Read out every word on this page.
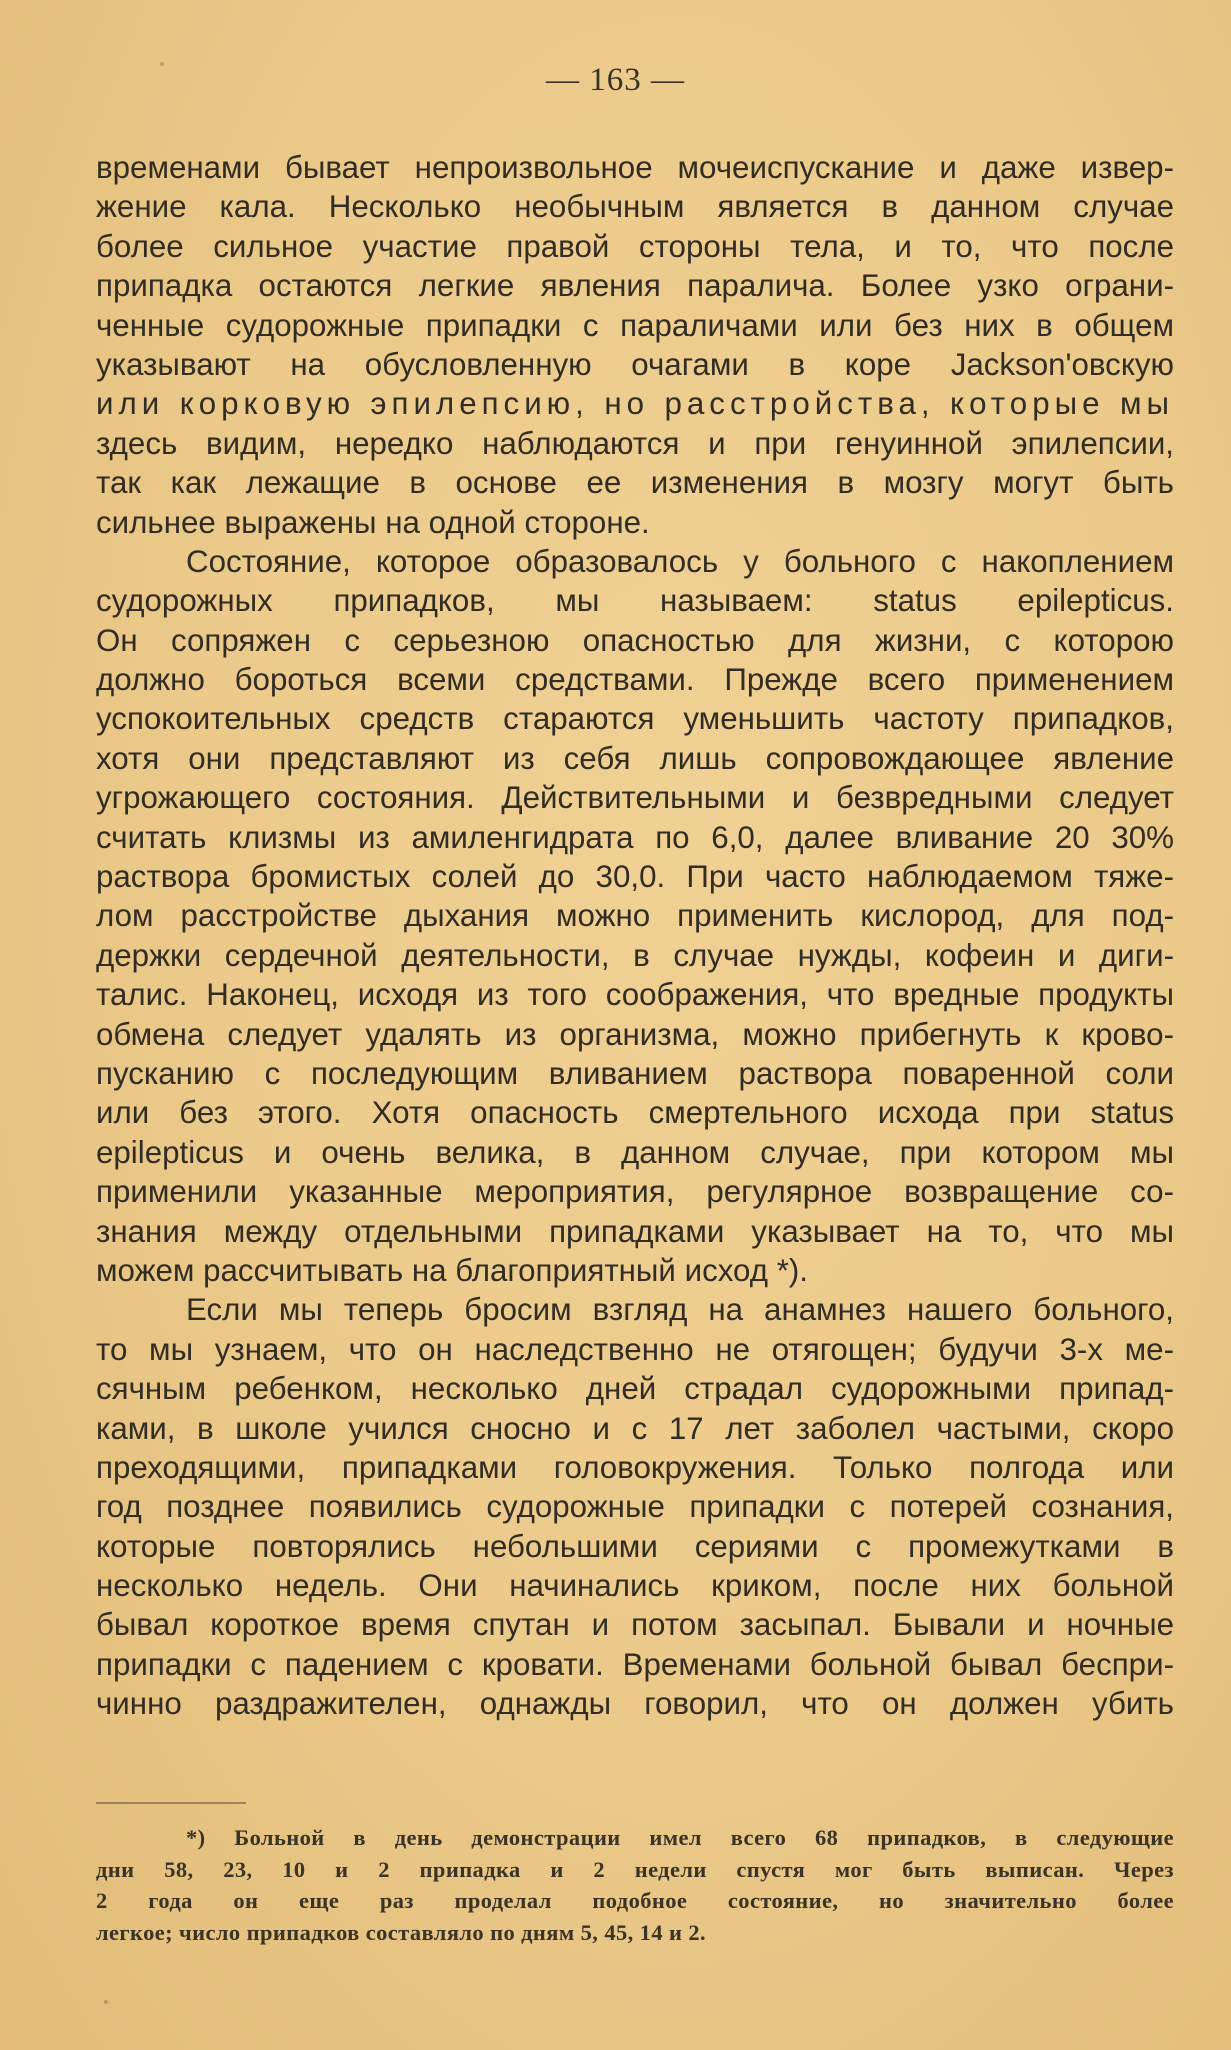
— 163 —
временами бывает непроизвольное мочеиспускание и даже извер-
жение кала. Несколько необычным является в данном случае
более сильное участие правой стороны тела, и то, что после
припадка остаются легкие явления паралича. Более узко ограни-
ченные судорожные припадки с параличами или без них в общем
указывают на обусловленную очагами в коре Jackson'овскую
или корковую эпилепсию, но расстройства, которые мы
здесь видим, нередко наблюдаются и при генуинной эпилепсии,
так как лежащие в основе ее изменения в мозгу могут быть
сильнее выражены на одной стороне.
Состояние, которое образовалось у больного с накоплением
судорожных припадков, мы называем: status epilepticus.
Он сопряжен с серьезною опасностью для жизни, с которою
должно бороться всеми средствами. Прежде всего применением
успокоительных средств стараются уменьшить частоту припадков,
хотя они представляют из себя лишь сопровождающее явление
угрожающего состояния. Действительными и безвредными следует
считать клизмы из амиленгидрата по 6,0, далее вливание 20 30%
раствора бромистых солей до 30,0. При часто наблюдаемом тяже-
лом расстройстве дыхания можно применить кислород, для под-
держки сердечной деятельности, в случае нужды, кофеин и диги-
талис. Наконец, исходя из того соображения, что вредные продукты
обмена следует удалять из организма, можно прибегнуть к крово-
пусканию с последующим вливанием раствора поваренной соли
или без этого. Хотя опасность смертельного исхода при status
epilepticus и очень велика, в данном случае, при котором мы
применили указанные мероприятия, регулярное возвращение со-
знания между отдельными припадками указывает на то, что мы
можем рассчитывать на благоприятный исход *).
Если мы теперь бросим взгляд на анамнез нашего больного,
то мы узнаем, что он наследственно не отягощен; будучи 3-х ме-
сячным ребенком, несколько дней страдал судорожными припад-
ками, в школе учился сносно и с 17 лет заболел частыми, скоро
преходящими, припадками головокружения. Только полгода или
год позднее появились судорожные припадки с потерей сознания,
которые повторялись небольшими сериями с промежутками в
несколько недель. Они начинались криком, после них больной
бывал короткое время спутан и потом засыпал. Бывали и ночные
припадки с падением с кровати. Временами больной бывал беспри-
чинно раздражителен, однажды говорил, что он должен убить
*) Больной в день демонстрации имел всего 68 припадков, в следующие
дни 58, 23, 10 и 2 припадка и 2 недели спустя мог быть выписан. Через
2 года он еще раз проделал подобное состояние, но значительно более
легкое; число припадков составляло по дням 5, 45, 14 и 2.
